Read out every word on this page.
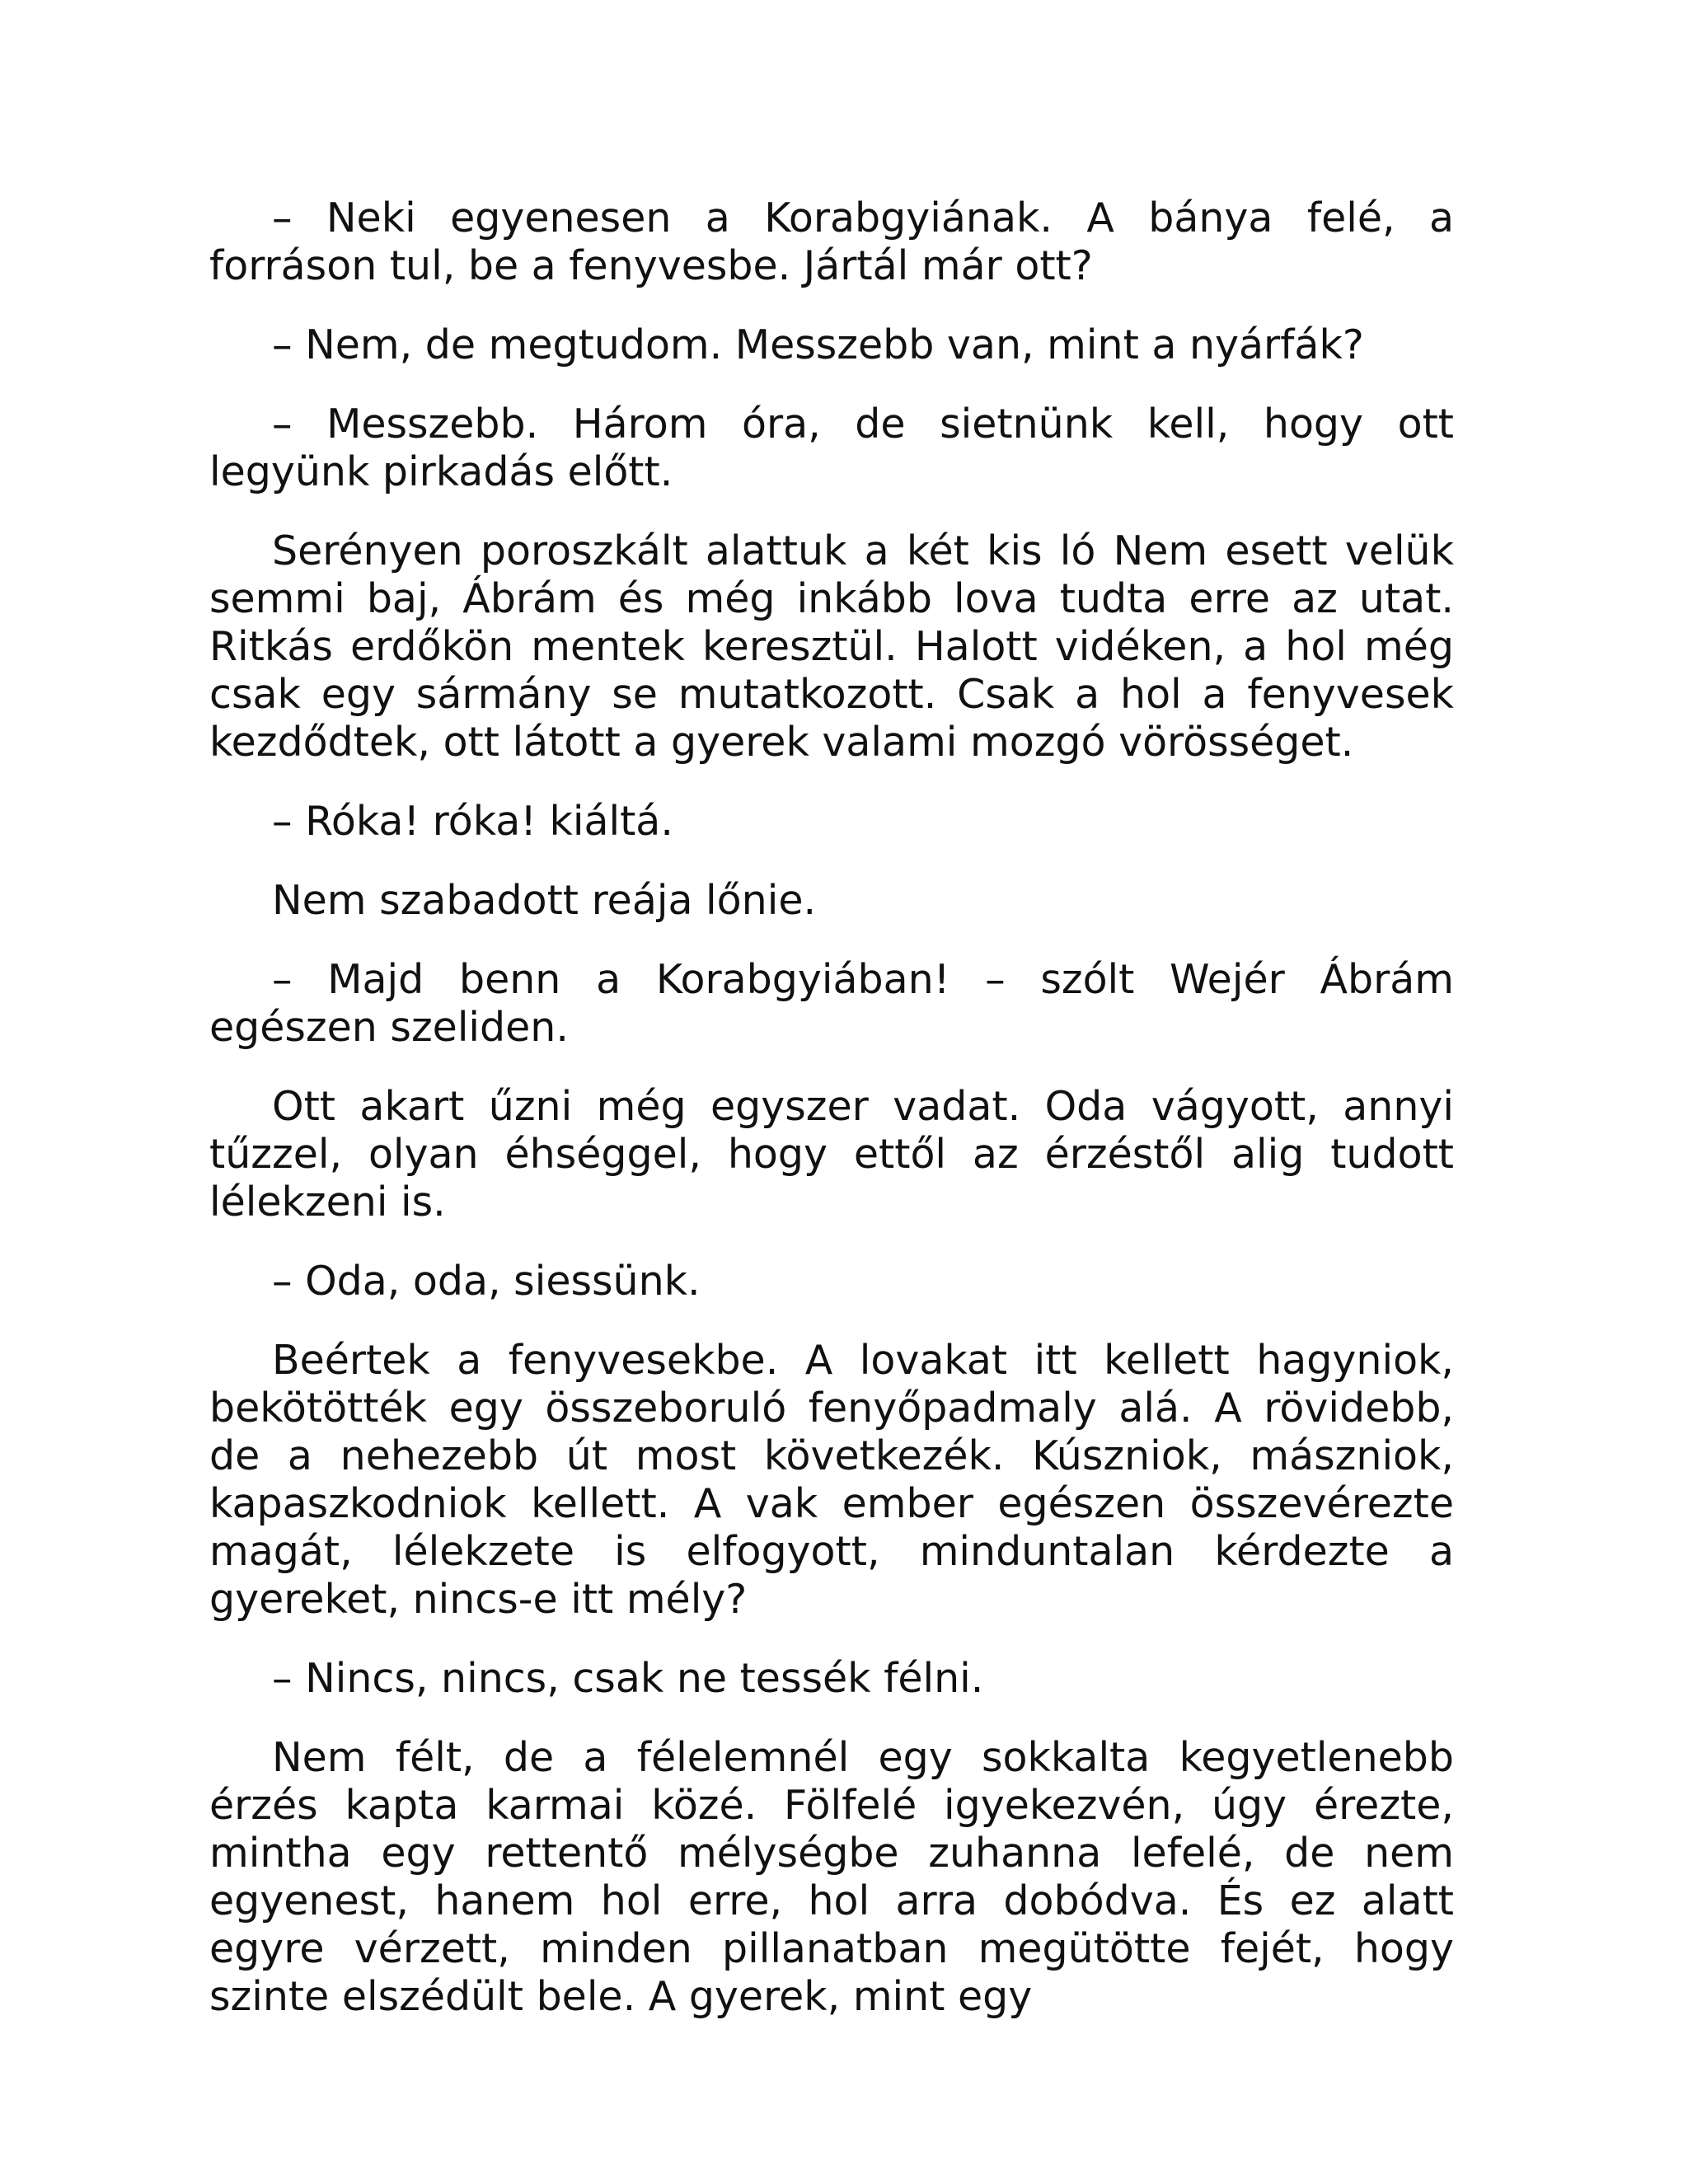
– Neki egyenesen a Korabgyiának. A bánya felé, a forráson tul, be a fenyvesbe. Jártál már ott?

– Nem, de megtudom. Messzebb van, mint a nyárfák?

– Messzebb. Három óra, de sietnünk kell, hogy ott legyünk pirkadás előtt.

Serényen poroszkált alattuk a két kis ló Nem esett velük semmi baj, Ábrám és még inkább lova tudta erre az utat. Ritkás erdőkön mentek keresztül. Halott vidéken, a hol még csak egy sármány se mutatkozott. Csak a hol a fenyvesek kezdődtek, ott látott a gyerek valami mozgó vörösséget.

– Róka! róka! kiáltá.

Nem szabadott reája lőnie.

– Majd benn a Korabgyiában! – szólt Wejér Ábrám egészen szeliden.

Ott akart űzni még egyszer vadat. Oda vágyott, annyi tűzzel, olyan éhséggel, hogy ettől az érzéstől alig tudott lélekzeni is.

– Oda, oda, siessünk.

Beértek a fenyvesekbe. A lovakat itt kellett hagyniok, bekötötték egy összeboruló fenyőpadmaly alá. A rövidebb, de a nehezebb út most következék. Kúszniok, mászniok, kapaszkodniok kellett. A vak ember egészen összevérezte magát, lélekzete is elfogyott, minduntalan kérdezte a gyereket, nincs-e itt mély?

– Nincs, nincs, csak ne tessék félni.

Nem félt, de a félelemnél egy sokkalta kegyetlenebb érzés kapta karmai közé. Fölfelé igyekezvén, úgy érezte, mintha egy rettentő mélységbe zuhanna lefelé, de nem egyenest, hanem hol erre, hol arra dobódva. És ez alatt egyre vérzett, minden pillanatban megütötte fejét, hogy szinte elszédült bele. A gyerek, mint egy
